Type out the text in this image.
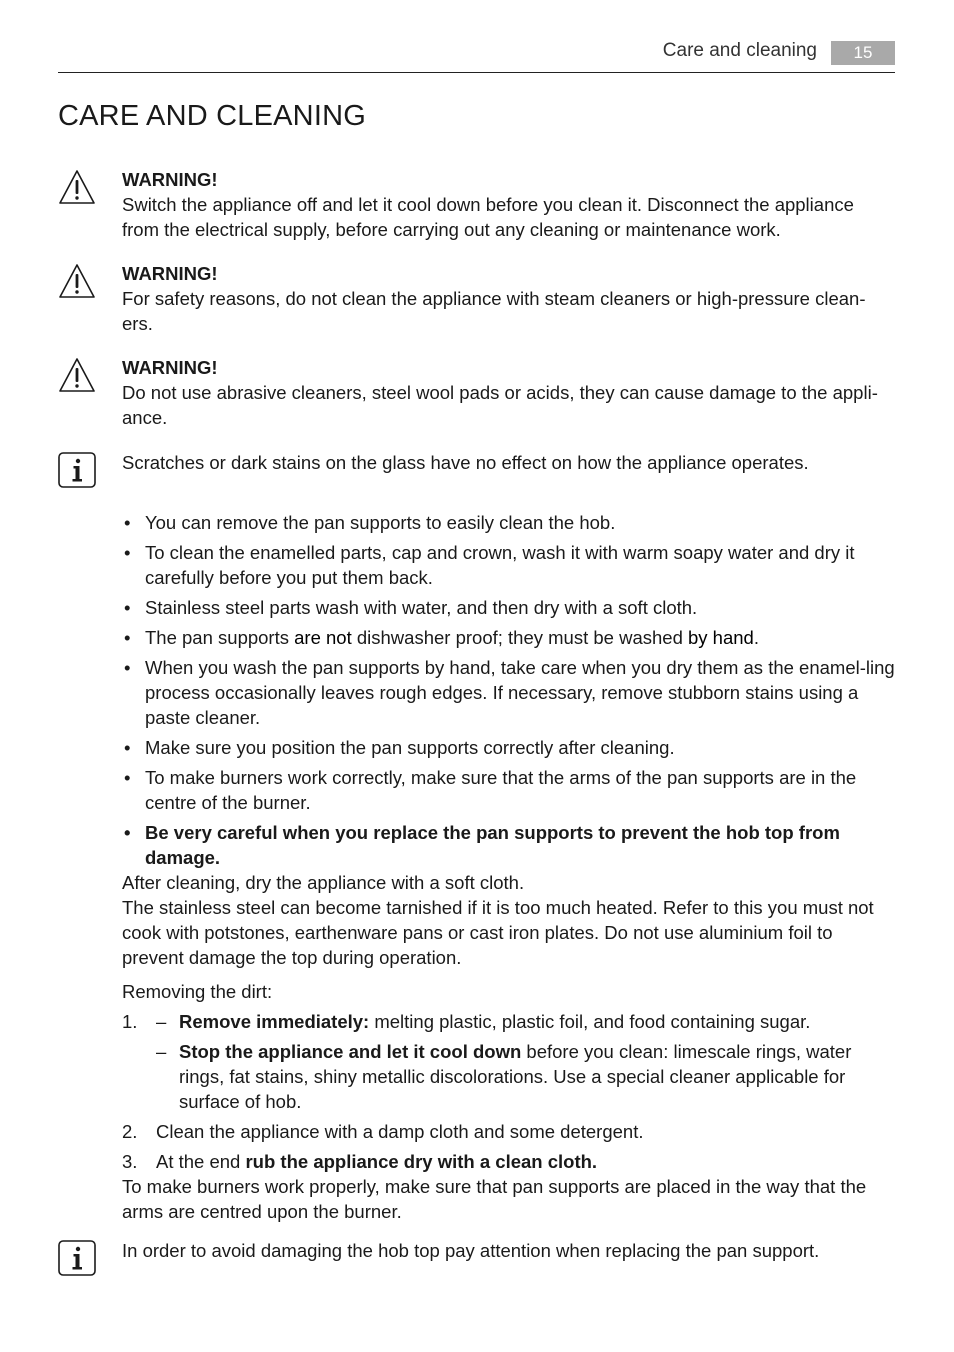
Care and cleaning	15
CARE AND CLEANING
WARNING!
Switch the appliance off and let it cool down before you clean it. Disconnect the appliance from the electrical supply, before carrying out any cleaning or maintenance work.
WARNING!
For safety reasons, do not clean the appliance with steam cleaners or high-pressure clean-ers.
WARNING!
Do not use abrasive cleaners, steel wool pads or acids, they can cause damage to the appli-ance.
Scratches or dark stains on the glass have no effect on how the appliance operates.
• You can remove the pan supports to easily clean the hob.
• To clean the enamelled parts, cap and crown, wash it with warm soapy water and dry it carefully before you put them back.
• Stainless steel parts wash with water, and then dry with a soft cloth.
• The pan supports are not dishwasher proof; they must be washed by hand.
• When you wash the pan supports by hand, take care when you dry them as the enamel-ling process occasionally leaves rough edges. If necessary, remove stubborn stains using a paste cleaner.
• Make sure you position the pan supports correctly after cleaning.
• To make burners work correctly, make sure that the arms of the pan supports are in the centre of the burner.
• Be very careful when you replace the pan supports to prevent the hob top from damage.
After cleaning, dry the appliance with a soft cloth.
The stainless steel can become tarnished if it is too much heated. Refer to this you must not cook with potstones, earthenware pans or cast iron plates. Do not use aluminium foil to prevent damage the top during operation.
Removing the dirt:
1. – Remove immediately: melting plastic, plastic foil, and food containing sugar.
– Stop the appliance and let it cool down before you clean: limescale rings, water rings, fat stains, shiny metallic discolorations. Use a special cleaner applicable for surface of hob.
2. Clean the appliance with a damp cloth and some detergent.
3. At the end rub the appliance dry with a clean cloth.
To make burners work properly, make sure that pan supports are placed in the way that the arms are centred upon the burner.
In order to avoid damaging the hob top pay attention when replacing the pan support.
